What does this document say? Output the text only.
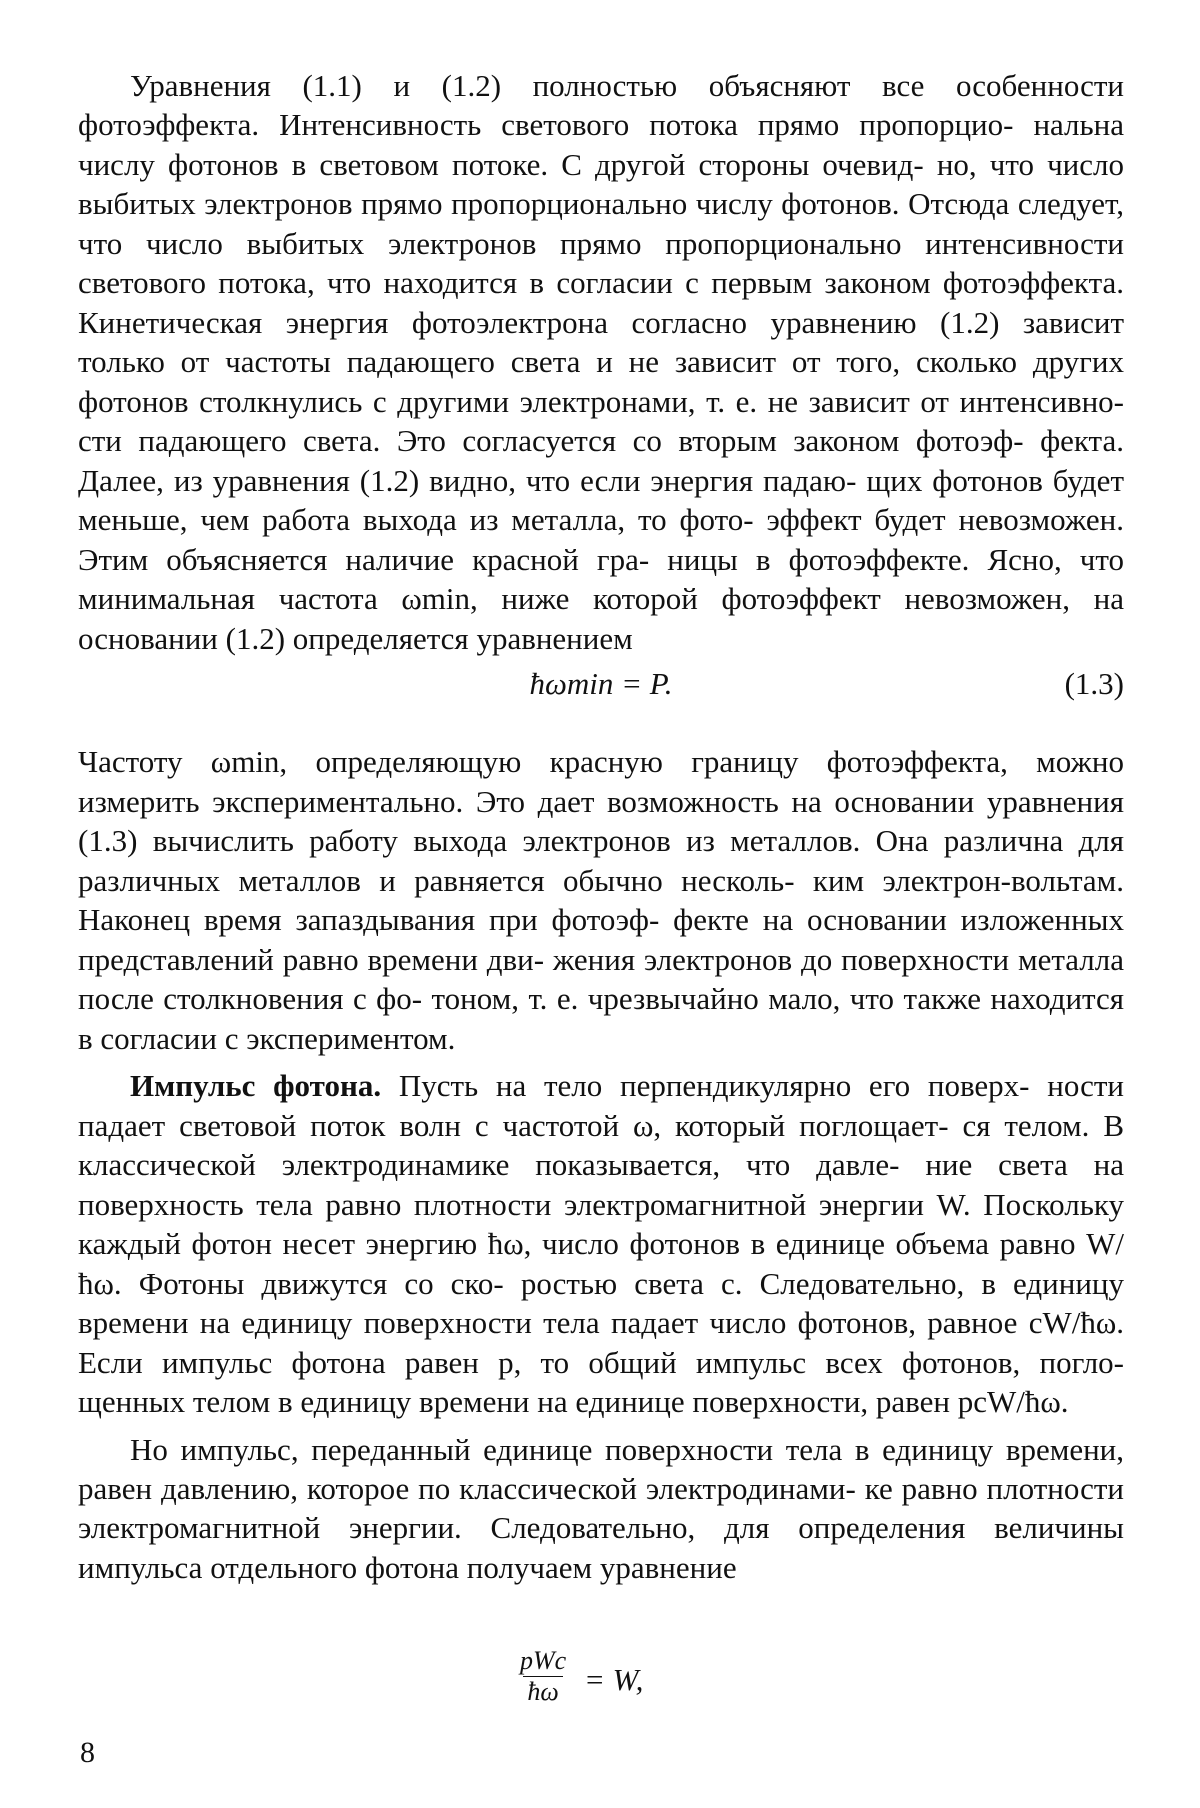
Уравнения (1.1) и (1.2) полностью объясняют все особенности фотоэффекта. Интенсивность светового потока прямо пропорцио- нальна числу фотонов в световом потоке. С другой стороны очевид- но, что число выбитых электронов прямо пропорционально числу фотонов. Отсюда следует, что число выбитых электронов прямо пропорционально интенсивности светового потока, что находится в согласии с первым законом фотоэффекта. Кинетическая энергия фотоэлектрона согласно уравнению (1.2) зависит только от частоты падающего света и не зависит от того, сколько других фотонов столкнулись с другими электронами, т. е. не зависит от интенсивно- сти падающего света. Это согласуется со вторым законом фотоэф- фекта. Далее, из уравнения (1.2) видно, что если энергия падаю- щих фотонов будет меньше, чем работа выхода из металла, то фото- эффект будет невозможен. Этим объясняется наличие красной гра- ницы в фотоэффекте. Ясно, что минимальная частота ωmin, ниже которой фотоэффект невозможен, на основании (1.2) определяется уравнением

ħωmin = P.	(1.3)

Частоту ωmin, определяющую красную границу фотоэффекта, можно измерить экспериментально. Это дает возможность на основании уравнения (1.3) вычислить работу выхода электронов из металлов. Она различна для различных металлов и равняется обычно несколь- ким электрон-вольтам. Наконец время запаздывания при фотоэф- фекте на основании изложенных представлений равно времени дви- жения электронов до поверхности металла после столкновения с фо- тоном, т. е. чрезвычайно мало, что также находится в согласии с экспериментом.

Импульс фотона. Пусть на тело перпендикулярно его поверх- ности падает световой поток волн с частотой ω, который поглощает- ся телом. В классической электродинамике показывается, что давле- ние света на поверхность тела равно плотности электромагнитной энергии W. Поскольку каждый фотон несет энергию ħω, число фотонов в единице объема равно W/ħω. Фотоны движутся со ско- ростью света c. Следовательно, в единицу времени на единицу поверхности тела падает число фотонов, равное cW/ħω. Если импульс фотона равен p, то общий импульс всех фотонов, погло- щенных телом в единицу времени на единице поверхности, равен pcW/ħω.

Но импульс, переданный единице поверхности тела в единицу времени, равен давлению, которое по классической электродинами- ке равно плотности электромагнитной энергии. Следовательно, для определения величины импульса отдельного фотона получаем уравнение

pWc
ħω = W,
8
